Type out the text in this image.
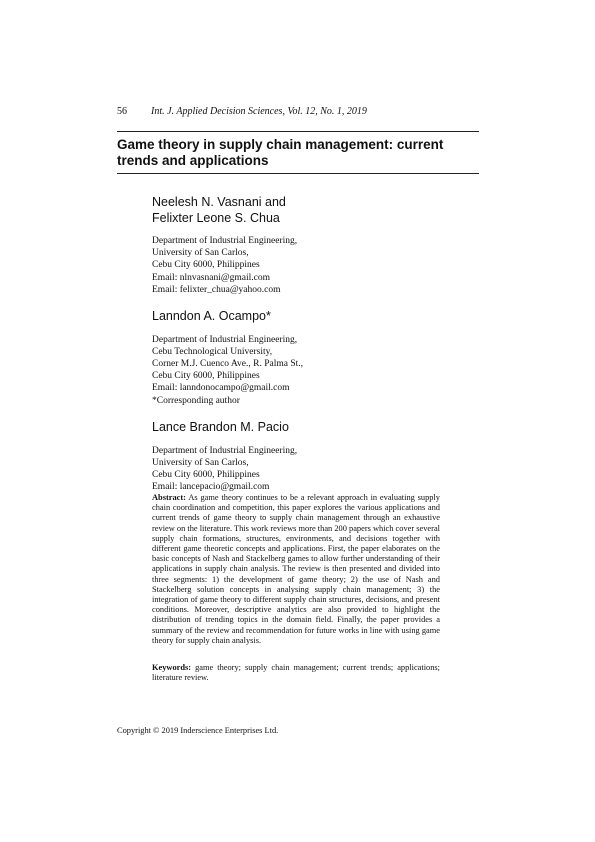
56 Int. J. Applied Decision Sciences, Vol. 12, No. 1, 2019
Game theory in supply chain management: current
trends and applications
Neelesh N. Vasnani and
Felixter Leone S. Chua
Department of Industrial Engineering,
University of San Carlos,
Cebu City 6000, Philippines
Email: nlnvasnani@gmail.com
Email: felixter_chua@yahoo.com
Lanndon A. Ocampo*
Department of Industrial Engineering,
Cebu Technological University,
Corner M.J. Cuenco Ave., R. Palma St.,
Cebu City 6000, Philippines
Email: lanndonocampo@gmail.com
*Corresponding author
Lance Brandon M. Pacio
Department of Industrial Engineering,
University of San Carlos,
Cebu City 6000, Philippines
Email: lancepacio@gmail.com
Abstract: As game theory continues to be a relevant approach in evaluating supply chain coordination and competition, this paper explores the various applications and current trends of game theory to supply chain management through an exhaustive review on the literature. This work reviews more than 200 papers which cover several supply chain formations, structures, environments, and decisions together with different game theoretic concepts and applications. First, the paper elaborates on the basic concepts of Nash and Stackelberg games to allow further understanding of their applications in supply chain analysis. The review is then presented and divided into three segments: 1) the development of game theory; 2) the use of Nash and Stackelberg solution concepts in analysing supply chain management; 3) the integration of game theory to different supply chain structures, decisions, and present conditions. Moreover, descriptive analytics are also provided to highlight the distribution of trending topics in the domain field. Finally, the paper provides a summary of the review and recommendation for future works in line with using game theory for supply chain analysis.
Keywords: game theory; supply chain management; current trends; applications; literature review.
Copyright © 2019 Inderscience Enterprises Ltd.
